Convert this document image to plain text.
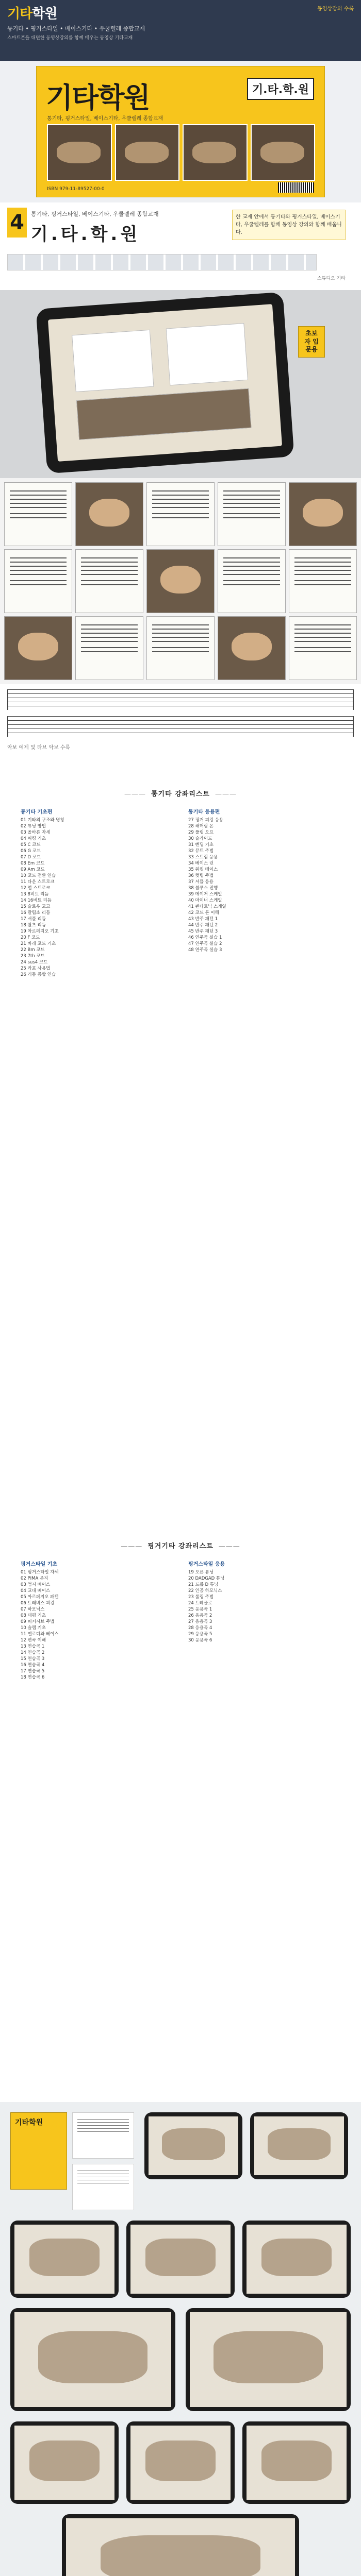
기타학원
통기타 • 핑거스타일 • 베이스기타 • 우쿨렐레 종합교재
스마트폰을 대면한 동영상강의를 함께 배우는 동영상 기타교재
동영상강의 수록
기타학원	기.타.학.원
통기타, 핑거스타일, 베이스기타, 우쿨렐레 종합교재
ISBN 979-11-89527-00-0
4	통기타, 핑거스타일, 베이스기타, 우쿨렐레 종합교재
기.타.학.원
한 교재 안에서 통기타와 핑거스타일, 베이스기타, 우쿨렐레를 함께 동영상 강의와 함께 배웁니다.
스튜디오 기타
초보자 입문용
악보 예제 및 타브 악보 수록
——— 통기타 강좌리스트 ———
통기타 기초편
01 기타의 구조와 명칭
02 튜닝 방법
03 올바른 자세
04 피킹 기초
05 C 코드
06 G 코드
07 D 코드
08 Em 코드
09 Am 코드
10 코드 전환 연습
11 다운 스트로크
12 업 스트로크
13 8비트 리듬
14 16비트 리듬
15 슬로우 고고
16 칼립소 리듬
17 셔플 리듬
18 왈츠 리듬
19 아르페지오 기초
20 F 코드
21 바레 코드 기초
22 Bm 코드
23 7th 코드
24 sus4 코드
25 카포 사용법
26 리듬 종합 연습
통기타 응용편
27 핑거 피킹 응용
28 해머링 온
29 풀링 오프
30 슬라이드
31 벤딩 기초
32 뮤트 주법
33 스트럼 응용
34 베이스 런
35 워킹 베이스
36 컷팅 주법
37 셔플 응용
38 블루스 진행
39 메이저 스케일
40 마이너 스케일
41 펜타토닉 스케일
42 코드 톤 이해
43 반주 패턴 1
44 반주 패턴 2
45 반주 패턴 3
46 연주곡 실습 1
47 연주곡 실습 2
48 연주곡 실습 3
——— 핑거기타 강좌리스트 ———
핑거스타일 기초
01 핑거스타일 자세
02 PIMA 운지
03 엄지 베이스
04 교대 베이스
05 아르페지오 패턴
06 트래비스 피킹
07 하모닉스
08 태핑 기초
09 퍼커시브 주법
10 슬랩 기초
11 멜로디와 베이스
12 편곡 이해
13 연습곡 1
14 연습곡 2
15 연습곡 3
16 연습곡 4
17 연습곡 5
18 연습곡 6
핑거스타일 응용
19 오픈 튜닝
20 DADGAD 튜닝
21 드롭 D 튜닝
22 인공 하모닉스
23 롤링 주법
24 트레몰로
25 응용곡 1
26 응용곡 2
27 응용곡 3
28 응용곡 4
29 응용곡 5
30 응용곡 6
기타학원
